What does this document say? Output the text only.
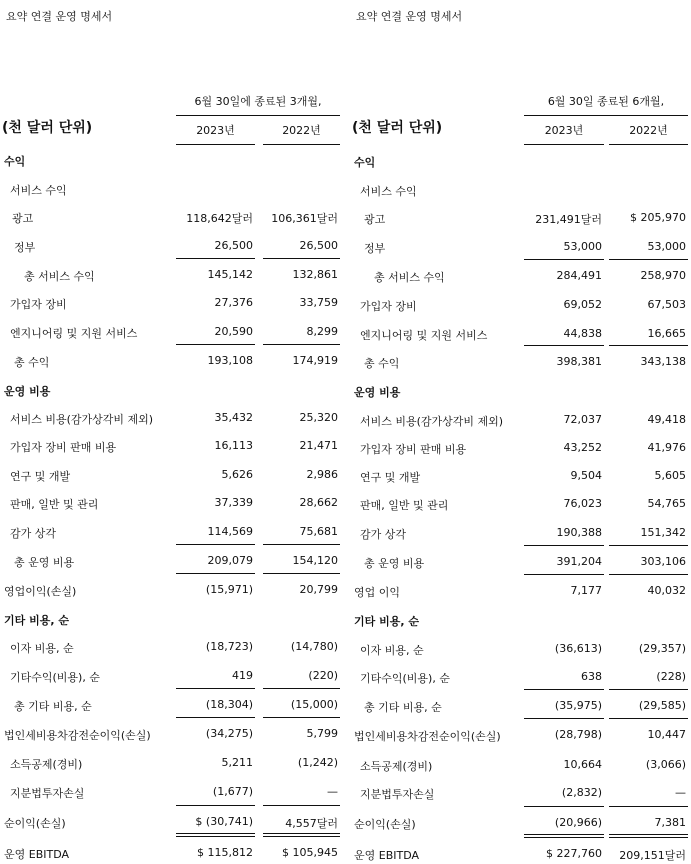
요약 연결 운영 명세서
6월 30일에 종료된 3개월,
(천 달러 단위)	2023년	2022년
수익
서비스 수익
광고	118,642달러	106,361달러
정부	26,500	26,500
총 서비스 수익	145,142	132,861
가입자 장비	27,376	33,759
엔지니어링 및 지원 서비스	20,590	8,299
총 수익	193,108	174,919
운영 비용
서비스 비용(감가상각비 제외)	35,432	25,320
가입자 장비 판매 비용	16,113	21,471
연구 및 개발	5,626	2,986
판매, 일반 및 관리	37,339	28,662
감가 상각	114,569	75,681
총 운영 비용	209,079	154,120
영업이익(손실)	(15,971)	20,799
기타 비용, 순
이자 비용, 순	(18,723)	(14,780)
기타수익(비용), 순	419	(220)
총 기타 비용, 순	(18,304)	(15,000)
법인세비용차감전순이익(손실)	(34,275)	5,799
소득공제(경비)	5,211	(1,242)
지분법투자손실	(1,677)	—
순이익(손실)	$ (30,741)	4,557달러
운영 EBITDA	$ 115,812	$ 105,945
요약 연결 운영 명세서
6월 30일 종료된 6개월,
(천 달러 단위)	2023년	2022년
수익
서비스 수익
광고	231,491달러	$ 205,970
정부	53,000	53,000
총 서비스 수익	284,491	258,970
가입자 장비	69,052	67,503
엔지니어링 및 지원 서비스	44,838	16,665
총 수익	398,381	343,138
운영 비용
서비스 비용(감가상각비 제외)	72,037	49,418
가입자 장비 판매 비용	43,252	41,976
연구 및 개발	9,504	5,605
판매, 일반 및 관리	76,023	54,765
감가 상각	190,388	151,342
총 운영 비용	391,204	303,106
영업 이익	7,177	40,032
기타 비용, 순
이자 비용, 순	(36,613)	(29,357)
기타수익(비용), 순	638	(228)
총 기타 비용, 순	(35,975)	(29,585)
법인세비용차감전순이익(손실)	(28,798)	10,447
소득공제(경비)	10,664	(3,066)
지분법투자손실	(2,832)	—
순이익(손실)	(20,966)	7,381
운영 EBITDA	$ 227,760	209,151달러
